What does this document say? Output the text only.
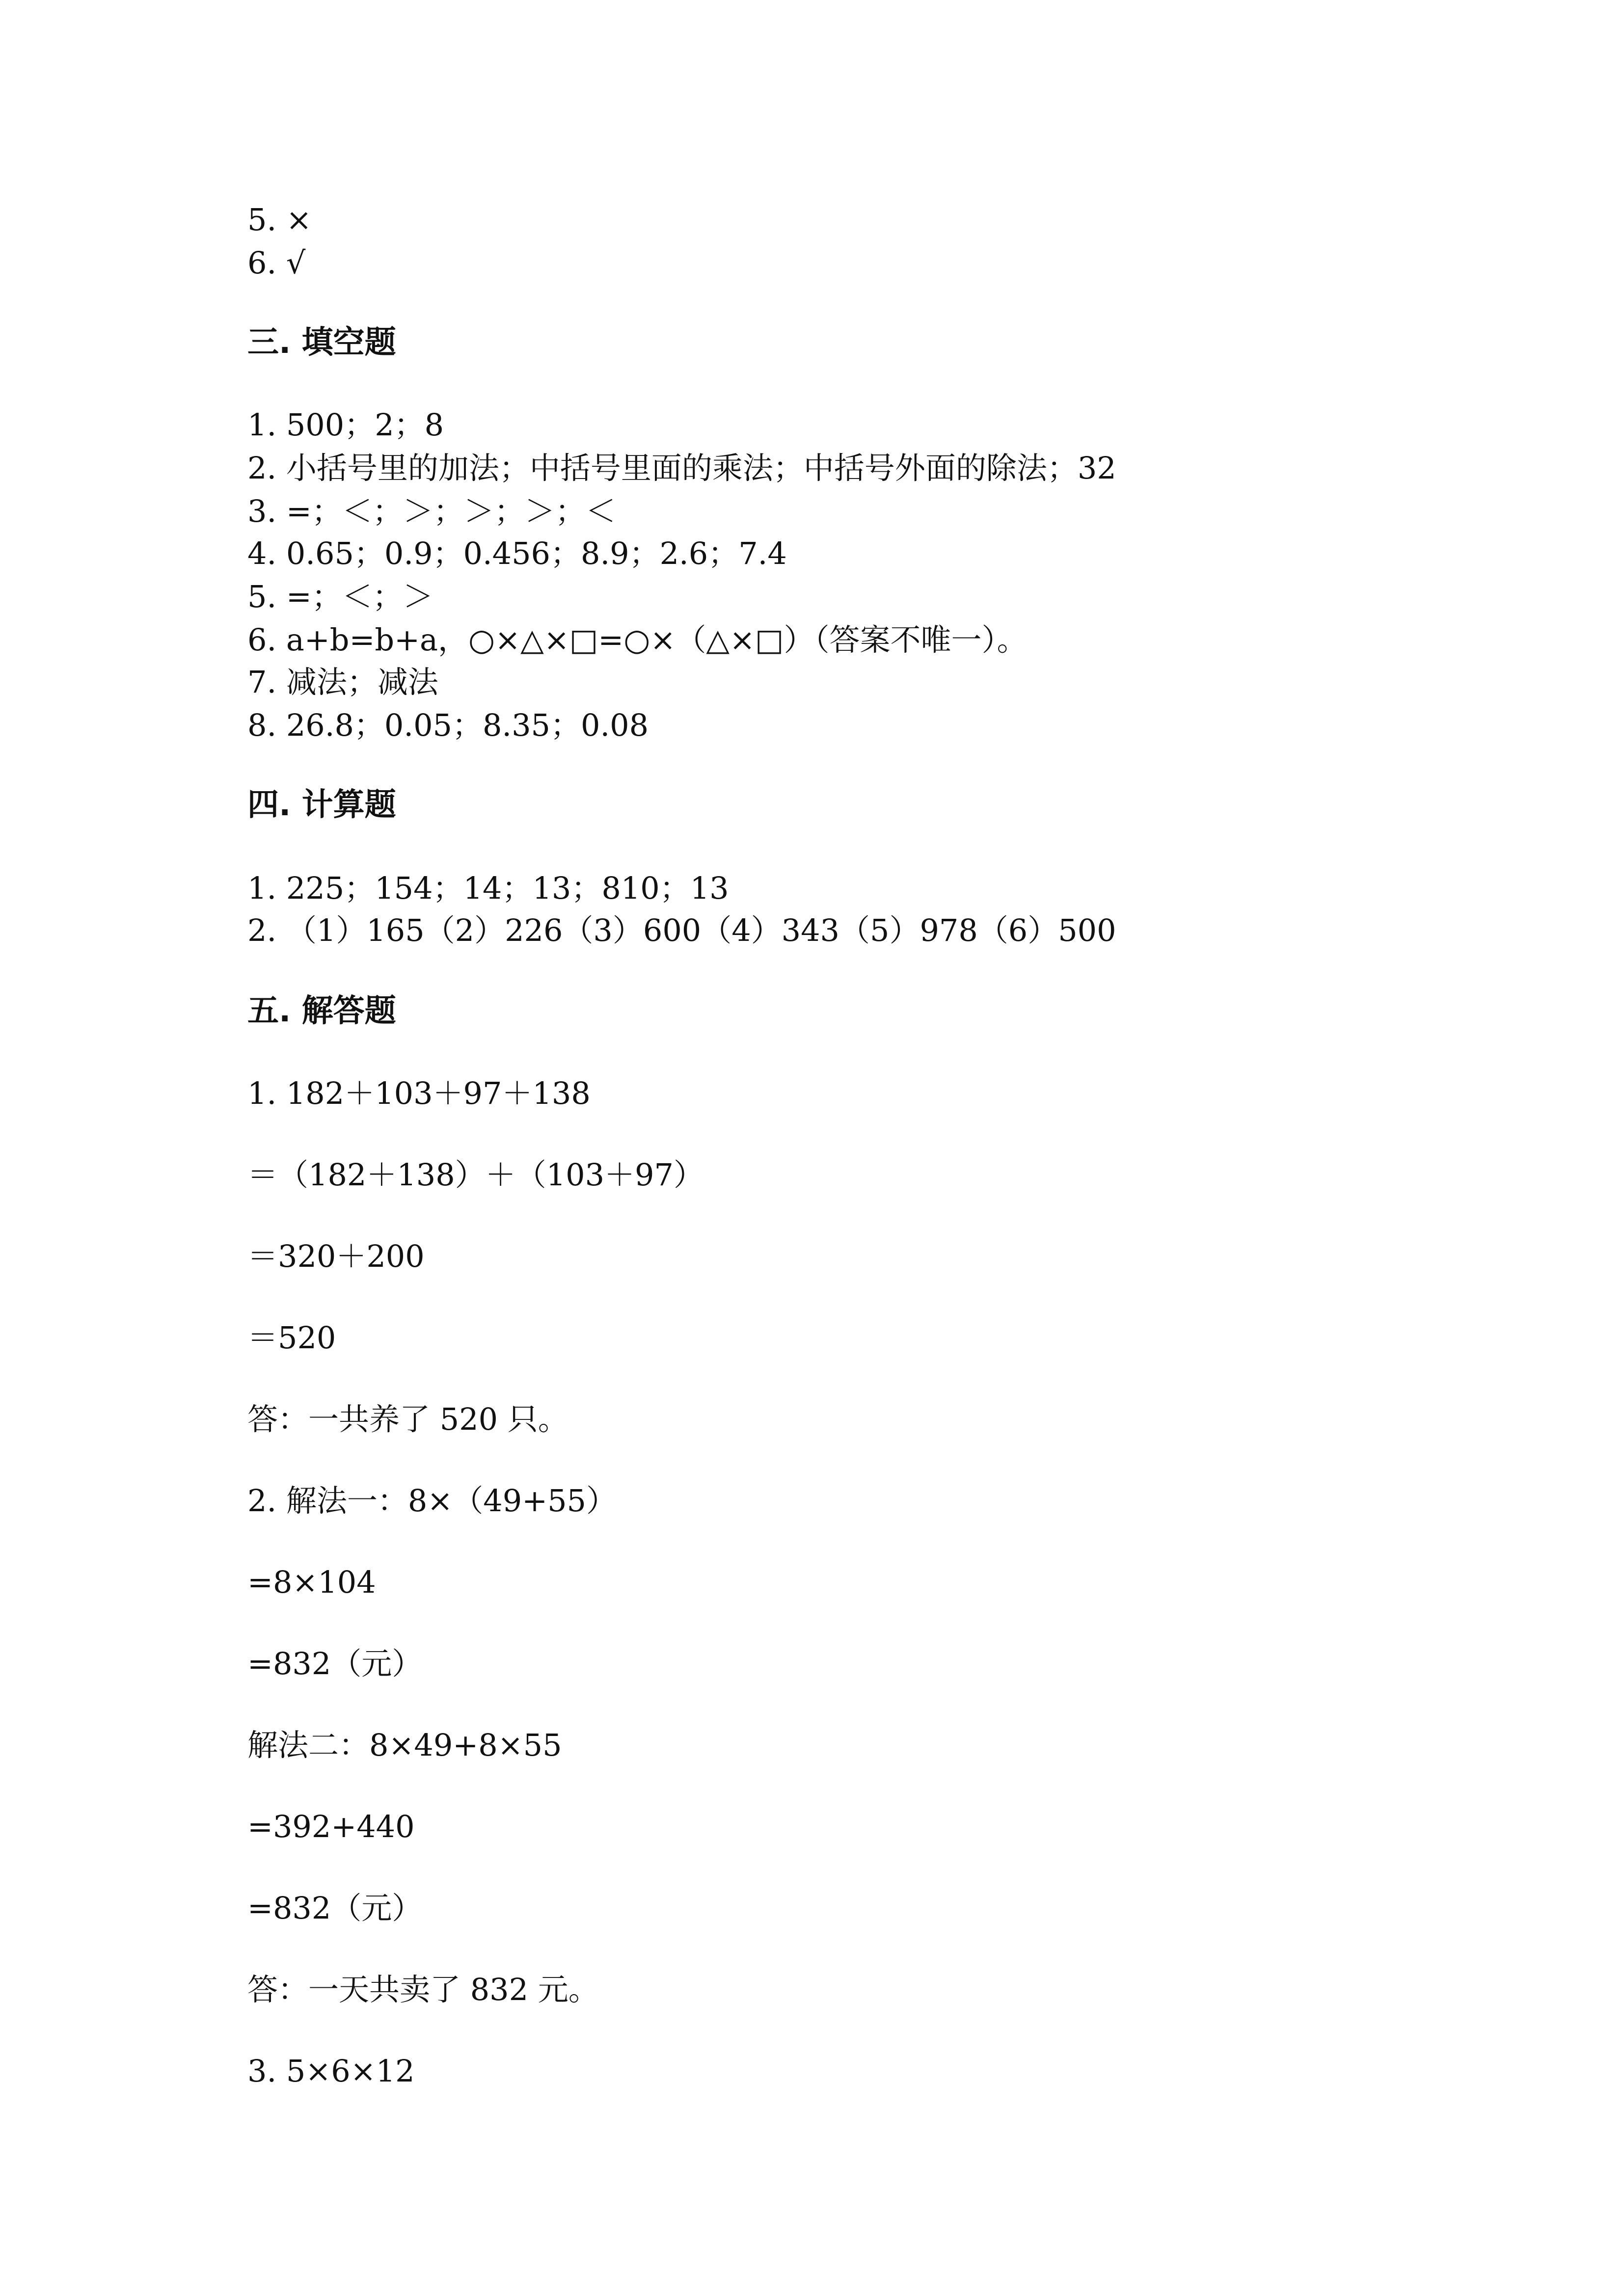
5. ×

6. √

三. 填空题

1. 500；2；8

2. 小括号里的加法；中括号里面的乘法；中括号外面的除法；32

3. =；＜；＞；＞；＞；＜

4. 0.65；0.9；0.456；8.9；2.6；7.4

5. =；＜；＞

6. a+b=b+a，○×△×□=○×（△×□）（答案不唯一）。

7. 减法；减法

8. 26.8；0.05；8.35；0.08

四. 计算题

1. 225；154；14；13；810；13

2. （1）165（2）226（3）600（4）343（5）978（6）500

五. 解答题

1. 182＋103＋97＋138

＝（182＋138）＋（103＋97）

＝320＋200

＝520

答：一共养了 520 只。

2. 解法一：8×（49+55）

=8×104

=832（元）

解法二：8×49+8×55

=392+440

=832（元）

答：一天共卖了 832 元。

3. 5×6×12
